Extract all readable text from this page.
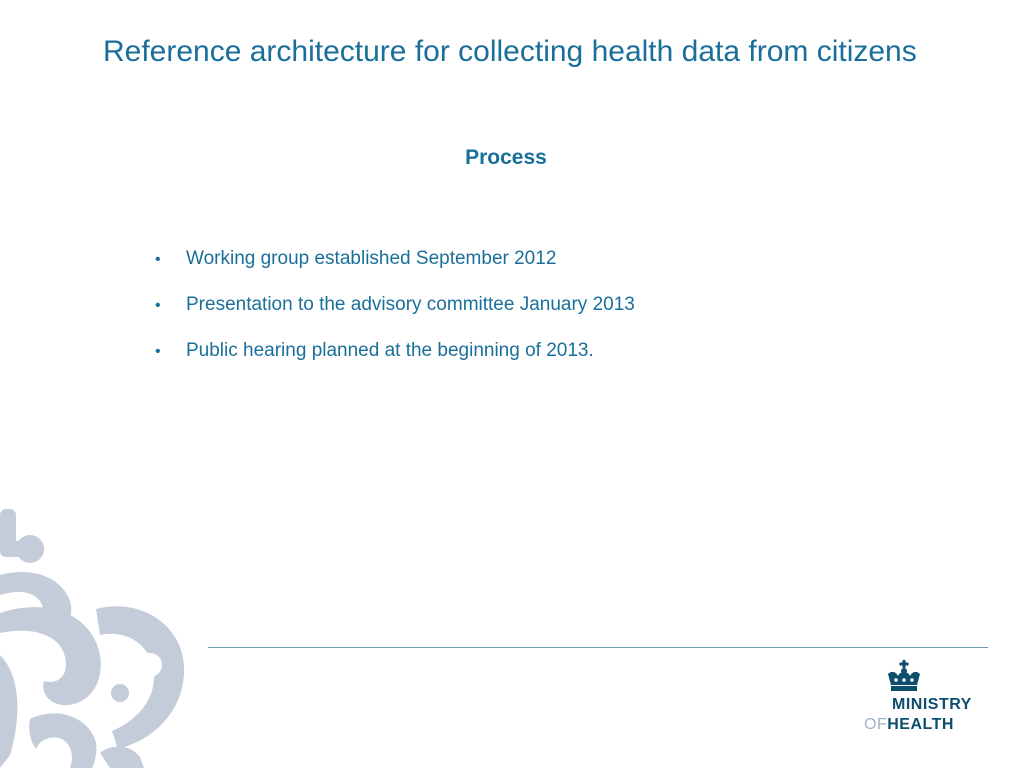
Reference architecture for collecting health data from citizens
Process
•	Working group established September 2012
•	Presentation to the advisory committee January 2013
•	Public hearing planned at the beginning of 2013.
MINISTRY
OFHEALTH
